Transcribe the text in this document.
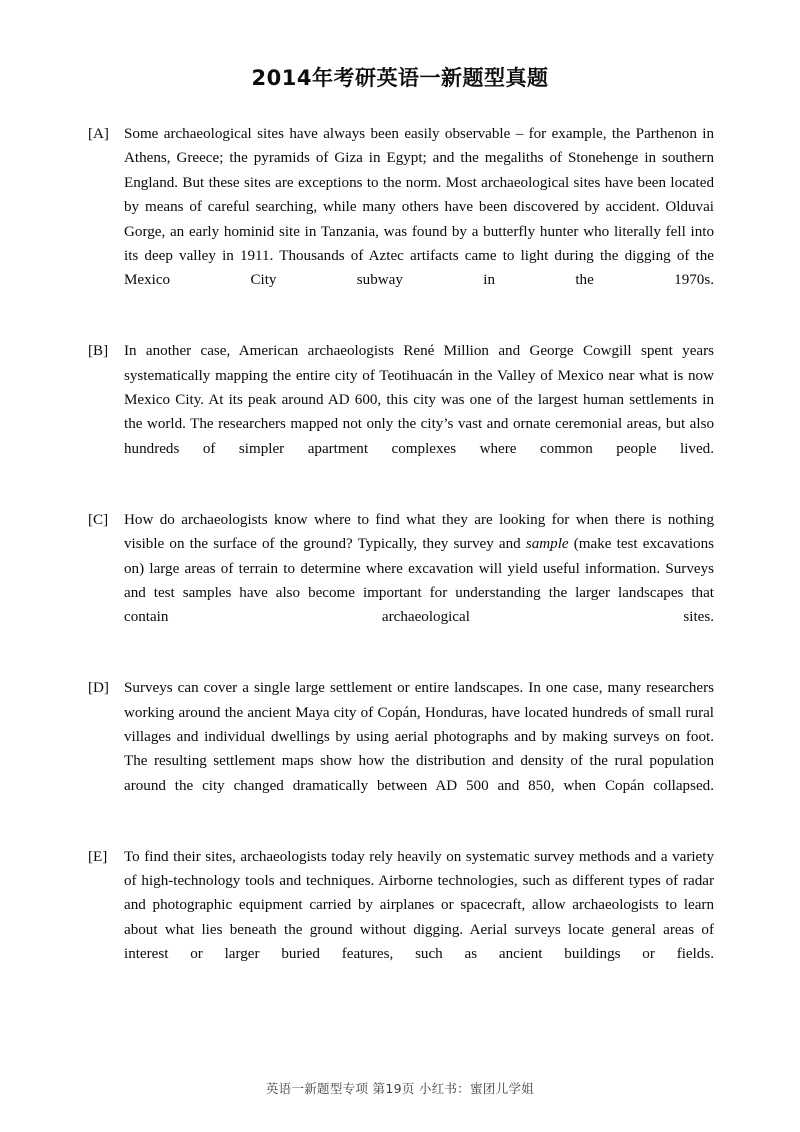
2014年考研英语一新题型真题
[A] Some archaeological sites have always been easily observable – for example, the Parthenon in Athens, Greece; the pyramids of Giza in Egypt; and the megaliths of Stonehenge in southern England. But these sites are exceptions to the norm. Most archaeological sites have been located by means of careful searching, while many others have been discovered by accident. Olduvai Gorge, an early hominid site in Tanzania, was found by a butterfly hunter who literally fell into its deep valley in 1911. Thousands of Aztec artifacts came to light during the digging of the Mexico City subway in the 1970s.
[B]	In another case, American archaeologists René Million and George Cowgill spent years systematically mapping the entire city of Teotihuacán in the Valley of Mexico near what is now Mexico City. At its peak around AD 600, this city was one of the largest human settlements in the world. The researchers mapped not only the city’s vast and ornate ceremonial areas, but also hundreds of simpler apartment complexes where common people lived.
[C]	How do archaeologists know where to find what they are looking for when there is nothing visible on the surface of the ground? Typically, they survey and sample (make test excavations on) large areas of terrain to determine where excavation will yield useful information. Surveys and test samples have also become important for understanding the larger landscapes that contain archaeological sites.
[D] Surveys can cover a single large settlement or entire landscapes. In one case, many researchers working around the ancient Maya city of Copán, Honduras, have located hundreds of small rural villages and individual dwellings by using aerial photographs and by making surveys on foot. The resulting settlement maps show how the distribution and density of the rural population around the city changed dramatically between AD 500 and 850, when Copán collapsed.
[E]	To find their sites, archaeologists today rely heavily on systematic survey methods and a variety of high-technology tools and techniques. Airborne technologies, such as different types of radar and photographic equipment carried by airplanes or spacecraft, allow archaeologists to learn about what lies beneath the ground without digging. Aerial surveys locate general areas of interest or larger buried features, such as ancient buildings or fields.
英语一新题型专项 第19页 小红书：蜜团儿学姐
